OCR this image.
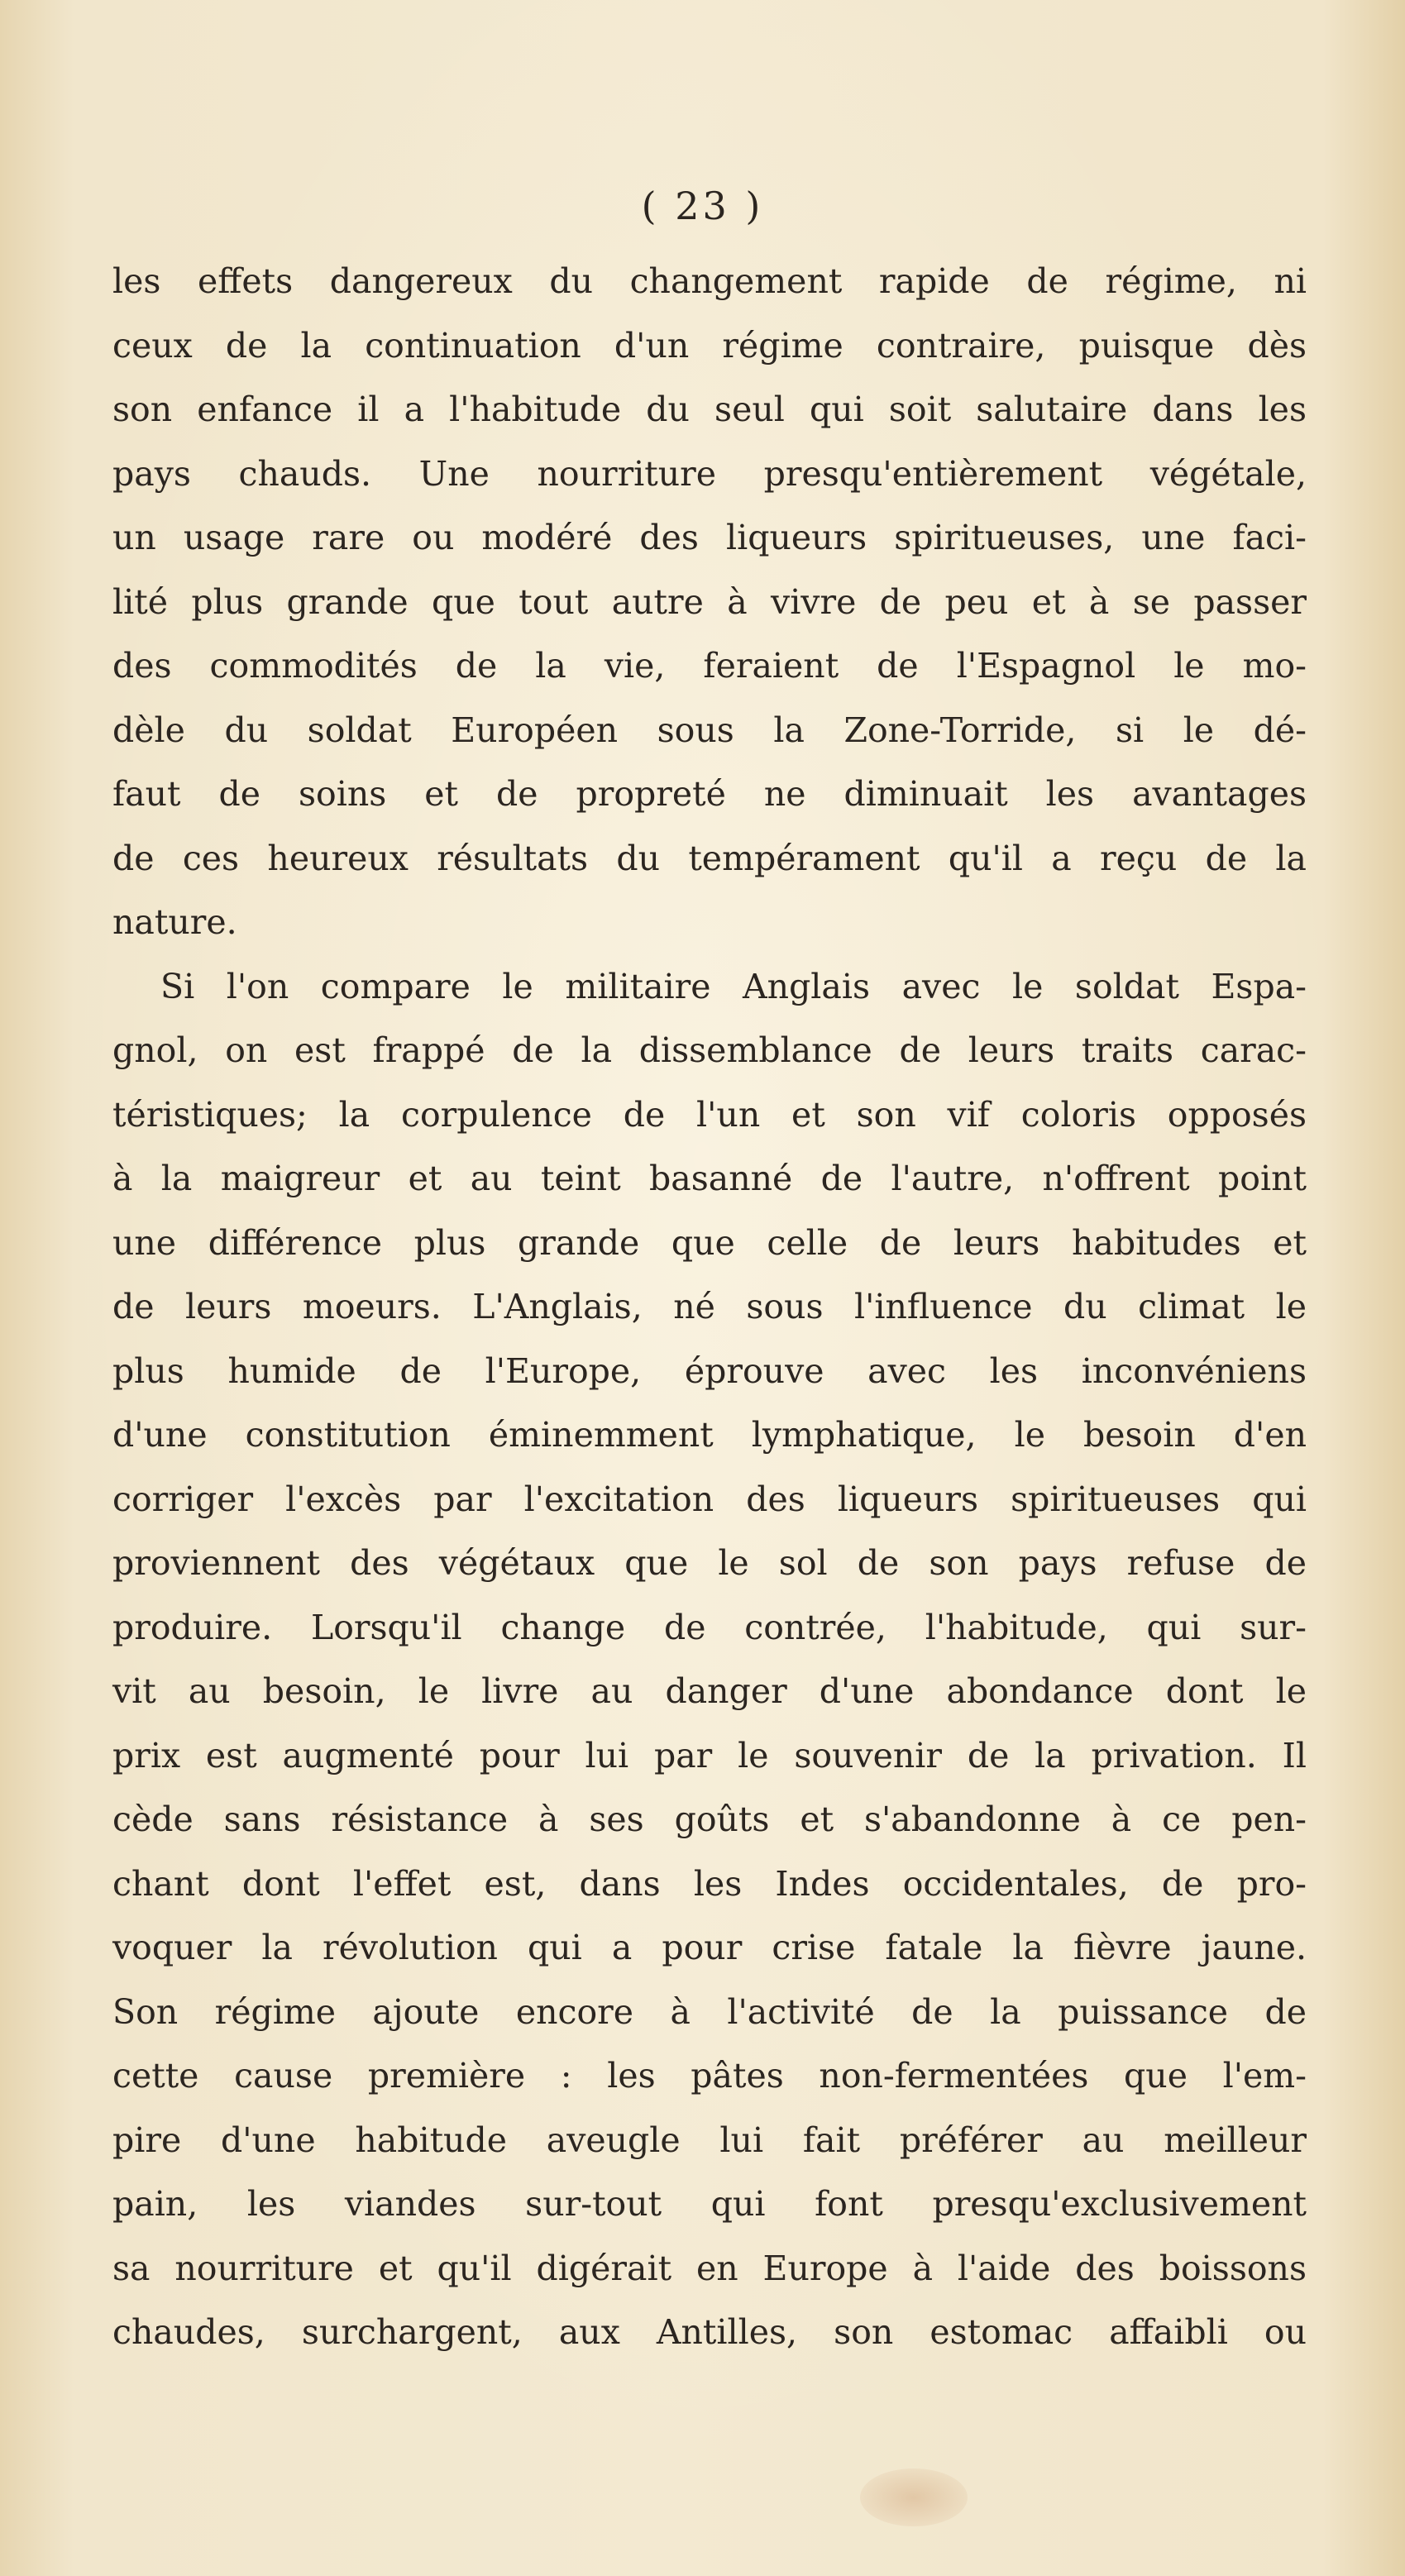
( 23 )
les effets dangereux du changement rapide de régime, ni
ceux de la continuation d'un régime contraire, puisque dès
son enfance il a l'habitude du seul qui soit salutaire dans les
pays chauds. Une nourriture presqu'entièrement végétale,
un usage rare ou modéré des liqueurs spiritueuses, une faci-
lité plus grande que tout autre à vivre de peu et à se passer
des commodités de la vie, feraient de l'Espagnol le mo-
dèle du soldat Européen sous la Zone-Torride, si le dé-
faut de soins et de propreté ne diminuait les avantages
de ces heureux résultats du tempérament qu'il a reçu de la
nature.
Si l'on compare le militaire Anglais avec le soldat Espa-
gnol, on est frappé de la dissemblance de leurs traits carac-
téristiques; la corpulence de l'un et son vif coloris opposés
à la maigreur et au teint basanné de l'autre, n'offrent point
une différence plus grande que celle de leurs habitudes et
de leurs moeurs. L'Anglais, né sous l'influence du climat le
plus humide de l'Europe, éprouve avec les inconvéniens
d'une constitution éminemment lymphatique, le besoin d'en
corriger l'excès par l'excitation des liqueurs spiritueuses qui
proviennent des végétaux que le sol de son pays refuse de
produire. Lorsqu'il change de contrée, l'habitude, qui sur-
vit au besoin, le livre au danger d'une abondance dont le
prix est augmenté pour lui par le souvenir de la privation. Il
cède sans résistance à ses goûts et s'abandonne à ce pen-
chant dont l'effet est, dans les Indes occidentales, de pro-
voquer la révolution qui a pour crise fatale la fièvre jaune.
Son régime ajoute encore à l'activité de la puissance de
cette cause première : les pâtes non-fermentées que l'em-
pire d'une habitude aveugle lui fait préférer au meilleur
pain, les viandes sur-tout qui font presqu'exclusivement
sa nourriture et qu'il digérait en Europe à l'aide des boissons
chaudes, surchargent, aux Antilles, son estomac affaibli ou
